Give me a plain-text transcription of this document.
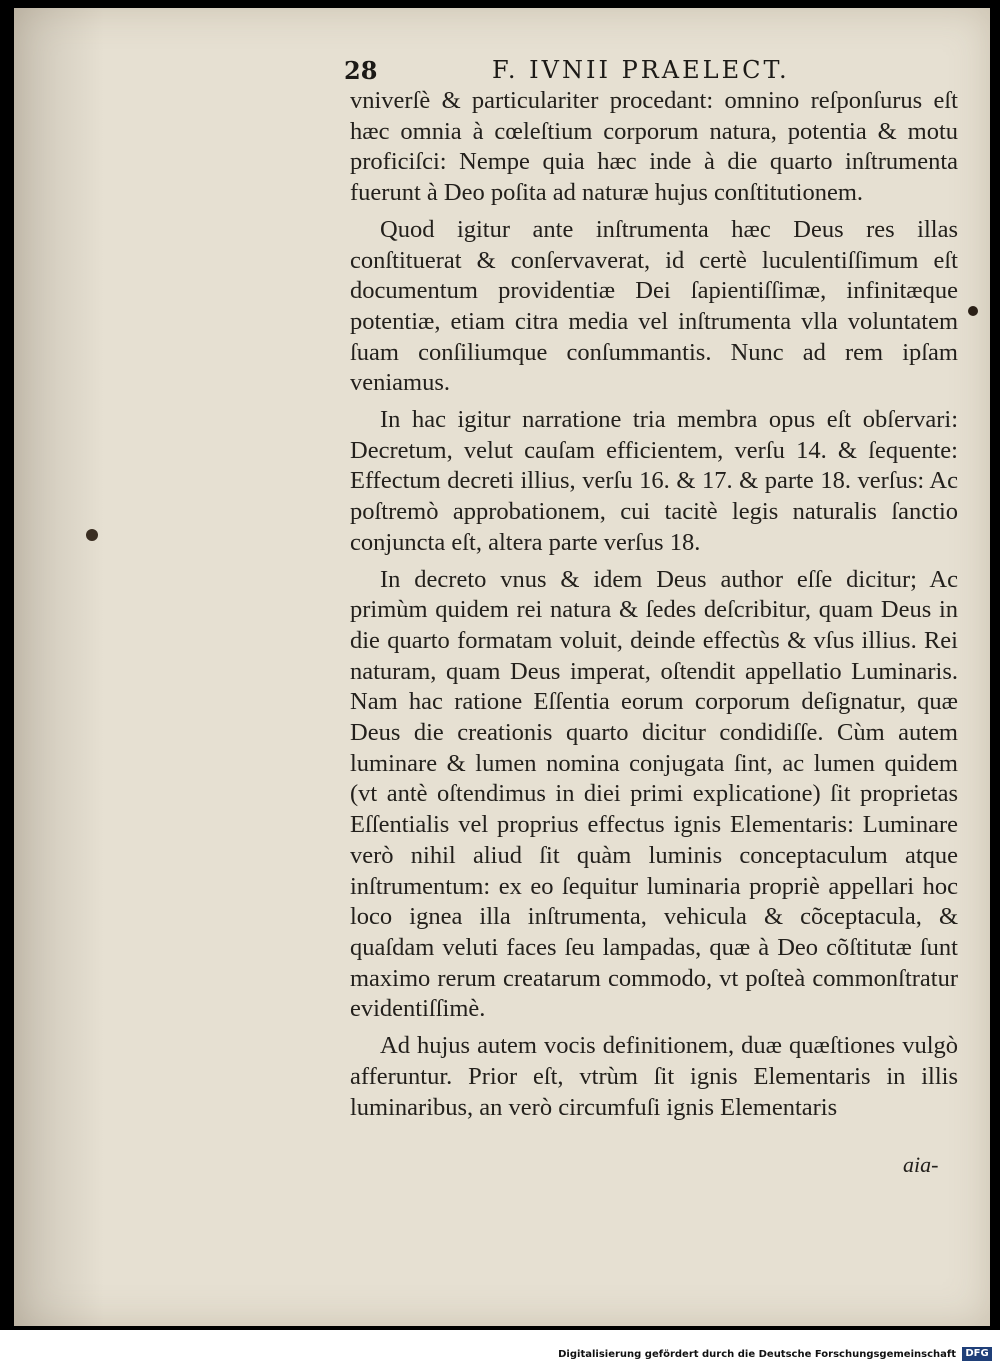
28	F. IVNII PRAELECT.

vniverſè & particulariter procedant: omnino reſponſurus eſt hæc omnia à cœleſtium corporum natura, potentia & motu proficiſci: Nempe quia hæc inde à die quarto inſtrumenta fuerunt à Deo poſita ad naturæ hujus conſtitutionem.

Quod igitur ante inſtrumenta hæc Deus res illas conſtituerat & conſervaverat, id certè luculentiſſimum eſt documentum providentiæ Dei ſapientiſſimæ, infinitæque potentiæ, etiam citra media vel inſtrumenta vlla voluntatem ſuam conſiliumque conſummantis. Nunc ad rem ipſam veniamus.

In hac igitur narratione tria membra opus eſt obſervari: Decretum, velut cauſam efficientem, verſu 14. & ſequente: Effectum decreti illius, verſu 16. & 17. & parte 18. verſus: Ac poſtremò approbationem, cui tacitè legis naturalis ſanctio conjuncta eſt, altera parte verſus 18.

In decreto vnus & idem Deus author eſſe dicitur; Ac primùm quidem rei natura & ſedes deſcribitur, quam Deus in die quarto formatam voluit, deinde effectùs & vſus illius. Rei naturam, quam Deus imperat, oſtendit appellatio Luminaris. Nam hac ratione Eſſentia eorum corporum deſignatur, quæ Deus die creationis quarto dicitur condidiſſe. Cùm autem luminare & lumen nomina conjugata ſint, ac lumen quidem (vt antè oſtendimus in diei primi explicatione) ſit proprietas Eſſentialis vel proprius effectus ignis Elementaris: Luminare verò nihil aliud ſit quàm luminis conceptaculum atque inſtrumentum: ex eo ſequitur luminaria propriè appellari hoc loco ignea illa inſtrumenta, vehicula & cõceptacula, & quaſdam veluti faces ſeu lampadas, quæ à Deo cõſtitutæ ſunt maximo rerum creatarum commodo, vt poſteà commonſtratur evidentiſſimè.

Ad hujus autem vocis definitionem, duæ quæſtiones vulgò afferuntur. Prior eſt, vtrùm ſit ignis Elementaris in illis luminaribus, an verò circumfuſi ignis Elementaris

aia-
Digitalisierung gefördert durch die Deutsche Forschungsgemeinschaft DFG
